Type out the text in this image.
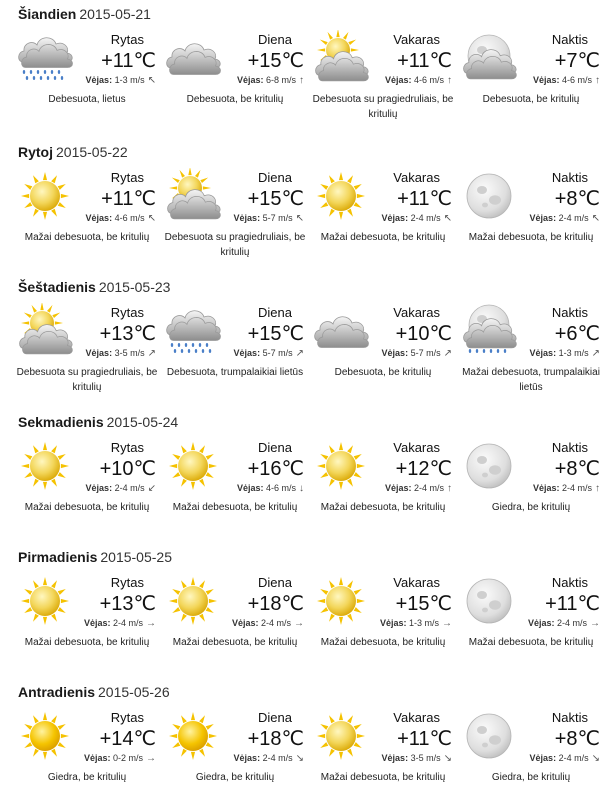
Šiandien 2015-05-21
Rytas
+11℃
Vėjas: 1-3 m/s ↖
Debesuota, lietus
Diena
+15℃
Vėjas: 6-8 m/s ↑
Debesuota, be kritulių
Vakaras
+11℃
Vėjas: 4-6 m/s ↑
Debesuota su pragiedruliais, be kritulių
Naktis
+7℃
Vėjas: 4-6 m/s ↑
Debesuota, be kritulių
Rytoj 2015-05-22
Rytas
+11℃
Vėjas: 4-6 m/s ↖
Mažai debesuota, be kritulių
Diena
+15℃
Vėjas: 5-7 m/s ↖
Debesuota su pragiedruliais, be kritulių
Vakaras
+11℃
Vėjas: 2-4 m/s ↖
Mažai debesuota, be kritulių
Naktis
+8℃
Vėjas: 2-4 m/s ↖
Mažai debesuota, be kritulių
Šeštadienis 2015-05-23
Rytas
+13℃
Vėjas: 3-5 m/s ↗
Debesuota su pragiedruliais, be kritulių
Diena
+15℃
Vėjas: 5-7 m/s ↗
Debesuota, trumpalaikiai lietūs
Vakaras
+10℃
Vėjas: 5-7 m/s ↗
Debesuota, be kritulių
Naktis
+6℃
Vėjas: 1-3 m/s ↗
Mažai debesuota, trumpalaikiai lietūs
Sekmadienis 2015-05-24
Rytas
+10℃
Vėjas: 2-4 m/s ↙
Mažai debesuota, be kritulių
Diena
+16℃
Vėjas: 4-6 m/s ↓
Mažai debesuota, be kritulių
Vakaras
+12℃
Vėjas: 2-4 m/s ↑
Mažai debesuota, be kritulių
Naktis
+8℃
Vėjas: 2-4 m/s ↑
Giedra, be kritulių
Pirmadienis 2015-05-25
Rytas
+13℃
Vėjas: 2-4 m/s →
Mažai debesuota, be kritulių
Diena
+18℃
Vėjas: 2-4 m/s →
Mažai debesuota, be kritulių
Vakaras
+15℃
Vėjas: 1-3 m/s →
Mažai debesuota, be kritulių
Naktis
+11℃
Vėjas: 2-4 m/s →
Mažai debesuota, be kritulių
Antradienis 2015-05-26
Rytas
+14℃
Vėjas: 0-2 m/s →
Giedra, be kritulių
Diena
+18℃
Vėjas: 2-4 m/s ↘
Giedra, be kritulių
Vakaras
+11℃
Vėjas: 3-5 m/s ↘
Mažai debesuota, be kritulių
Naktis
+8℃
Vėjas: 2-4 m/s ↘
Giedra, be kritulių
